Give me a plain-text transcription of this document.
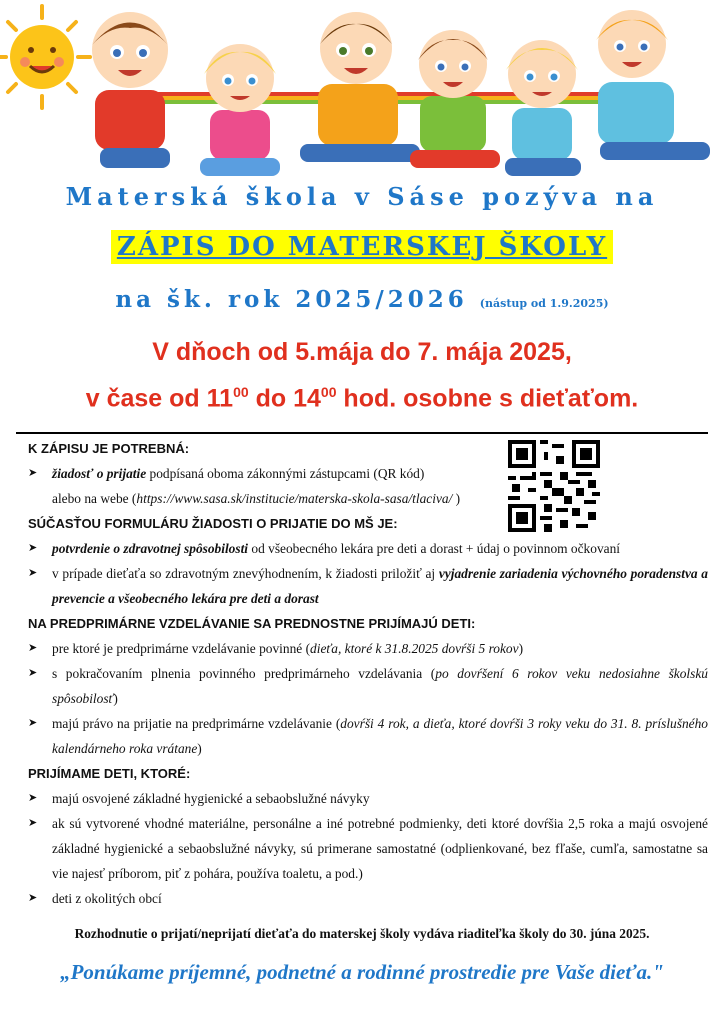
Materská škola v Sáse pozýva na
ZÁPIS DO MATERSKEJ ŠKOLY
na šk. rok 2025/2026 (nástup od 1.9.2025)
V dňoch od 5.mája do 7. mája 2025,
v čase od $11^{00}$ do $14^{00}$ hod. osobne s dieťaťom.
K ZÁPISU JE POTREBNÁ:
➤ žiadosť o prijatie podpísaná oboma zákonnými zástupcami (QR kód)
alebo na webe (https://www.sasa.sk/institucie/materska-skola-sasa/tlaciva/ )
SÚČASŤOU FORMULÁRU ŽIADOSTI O PRIJATIE DO MŠ JE:
➤ potvrdenie o zdravotnej spôsobilosti od všeobecného lekára pre deti a dorast + údaj o povinnom očkovaní
➤ v prípade dieťaťa so zdravotným znevýhodnením, k žiadosti priložiť aj vyjadrenie zariadenia výchovného poradenstva a prevencie a všeobecného lekára pre deti a dorast
NA PREDPRIMÁRNE VZDELÁVANIE SA PREDNOSTNE PRIJÍMAJÚ DETI:
➤ pre ktoré je predprimárne vzdelávanie povinné (dieťa, ktoré k 31.8.2025 dovŕši 5 rokov)
➤ s pokračovaním plnenia povinného predprimárneho vzdelávania (po dovŕšení 6 rokov veku nedosiahne školskú spôsobilosť)
➤ majú právo na prijatie na predprimárne vzdelávanie (dovŕši 4 rok, a dieťa, ktoré dovŕši 3 roky veku do 31. 8. príslušného kalendárneho roka vrátane)
PRIJÍMAME DETI, KTORÉ:
➤ majú osvojené základné hygienické a sebaobslužné návyky
➤ ak sú vytvorené vhodné materiálne, personálne a iné potrebné podmienky, deti ktoré dovŕšia 2,5 roka a majú osvojené základné hygienické a sebaobslužné návyky, sú primerane samostatné (odplienkované, bez fľaše, cumľa, samostatne sa vie najesť príborom, piť z pohára, používa toaletu, a pod.)
➤ deti z okolitých obcí
Rozhodnutie o prijatí/neprijatí dieťaťa do materskej školy vydáva riaditeľka školy do 30. júna 2025.
„Ponúkame príjemné, podnetné a rodinné prostredie pre Vaše dieťa."
